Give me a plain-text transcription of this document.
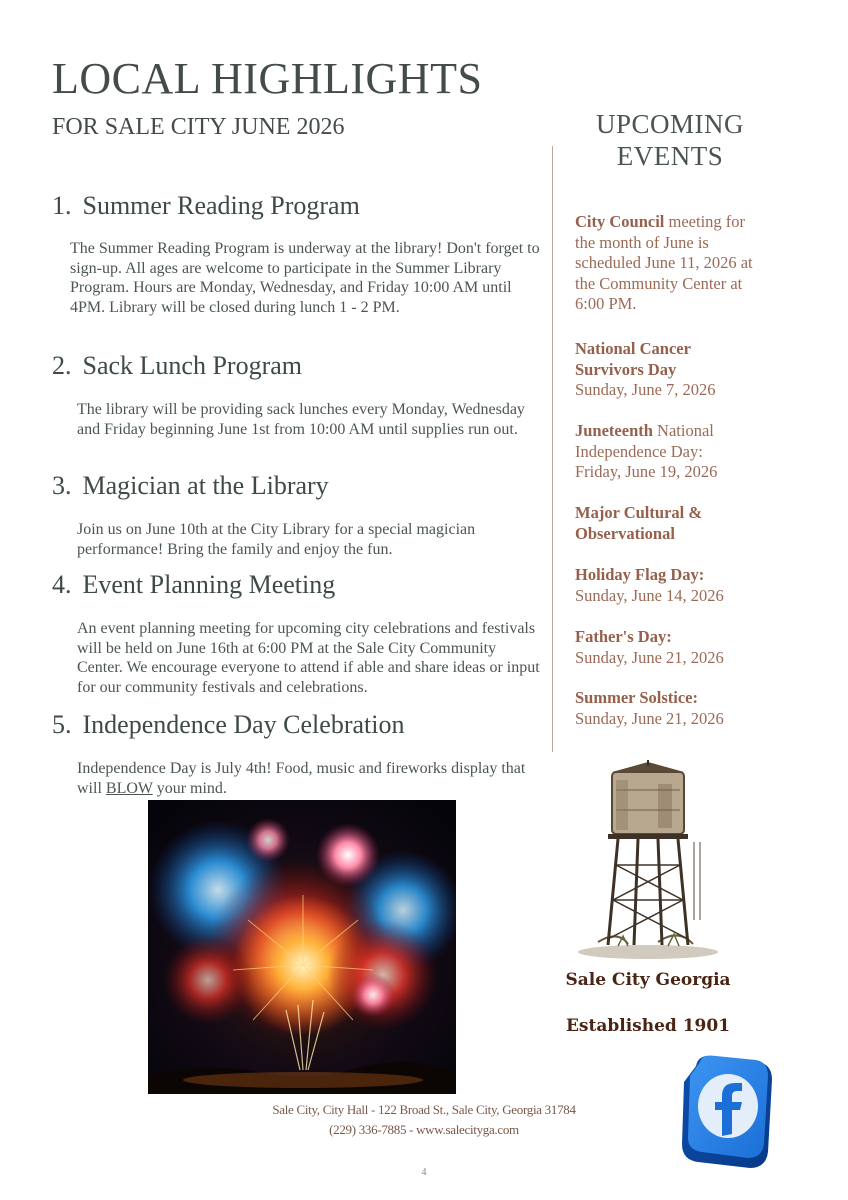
LOCAL HIGHLIGHTS
FOR SALE CITY JUNE 2026
1. Summer Reading Program

The Summer Reading Program is underway at the library! Don't forget to sign-up. All ages are welcome to participate in the Summer Library Program. Hours are Monday, Wednesday, and Friday 10:00 AM until 4PM. Library will be closed during lunch 1 - 2 PM.

2. Sack Lunch Program

The library will be providing sack lunches every Monday, Wednesday and Friday beginning June 1st from 10:00 AM until supplies run out.

3. Magician at the Library

Join us on June 10th at the City Library for a special magician performance! Bring the family and enjoy the fun.

4. Event Planning Meeting

An event planning meeting for upcoming city celebrations and festivals will be held on June 16th at 6:00 PM at the Sale City Community Center. We encourage everyone to attend if able and share ideas or input for our community festivals and celebrations.

5. Independence Day Celebration

Independence Day is July 4th! Food, music and fireworks display that will BLOW your mind.

UPCOMING
EVENTS

City Council meeting for the month of June is scheduled June 11, 2026 at the Community Center at 6:00 PM.

National Cancer Survivors Day
Sunday, June 7, 2026

Juneteenth National Independence Day: Friday, June 19, 2026

Major Cultural & Observational

Holiday Flag Day:
Sunday, June 14, 2026

Father's Day:
Sunday, June 21, 2026

Summer Solstice:
Sunday, June 21, 2026

Sale City Georgia
Established 1901
Sale City, City Hall - 122 Broad St., Sale City, Georgia 31784
(229) 336-7885 - www.salecityga.com
4
